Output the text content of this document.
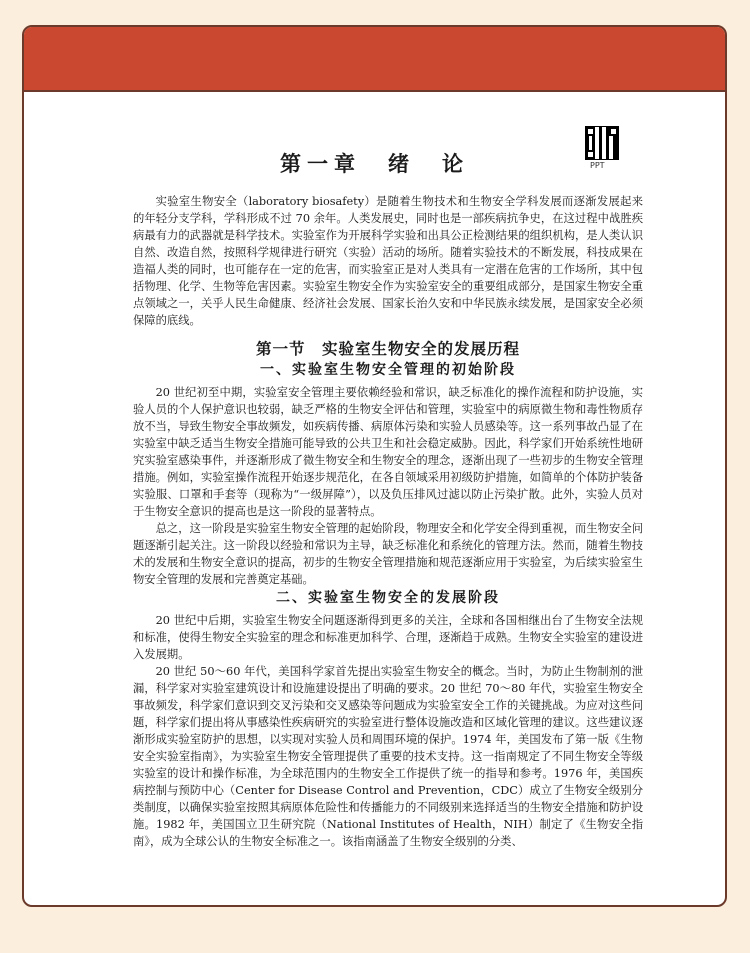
PPT
第一章　绪　论

实验室生物安全（laboratory biosafety）是随着生物技术和生物安全学科发展而逐渐发展起来的年轻分支学科，学科形成不过 70 余年。人类发展史，同时也是一部疾病抗争史，在这过程中战胜疾病最有力的武器就是科学技术。实验室作为开展科学实验和出具公正检测结果的组织机构，是人类认识自然、改造自然，按照科学规律进行研究（实验）活动的场所。随着实验技术的不断发展，科技成果在造福人类的同时，也可能存在一定的危害，而实验室正是对人类具有一定潜在危害的工作场所，其中包括物理、化学、生物等危害因素。实验室生物安全作为实验室安全的重要组成部分，是国家生物安全重点领域之一，关乎人民生命健康、经济社会发展、国家长治久安和中华民族永续发展，是国家安全必须保障的底线。

第一节　实验室生物安全的发展历程
一、实验室生物安全管理的初始阶段

20 世纪初至中期，实验室安全管理主要依赖经验和常识，缺乏标准化的操作流程和防护设施，实验人员的个人保护意识也较弱，缺乏严格的生物安全评估和管理，实验室中的病原微生物和毒性物质存放不当，导致生物安全事故频发，如疾病传播、病原体污染和实验人员感染等。这一系列事故凸显了在实验室中缺乏适当生物安全措施可能导致的公共卫生和社会稳定威胁。因此，科学家们开始系统性地研究实验室感染事件，并逐渐形成了微生物安全和生物安全的理念，逐渐出现了一些初步的生物安全管理措施。例如，实验室操作流程开始逐步规范化，在各自领域采用初级防护措施，如简单的个体防护装备实验服、口罩和手套等（现称为“一级屏障”），以及负压排风过滤以防止污染扩散。此外，实验人员对于生物安全意识的提高也是这一阶段的显著特点。

总之，这一阶段是实验室生物安全管理的起始阶段，物理安全和化学安全得到重视，而生物安全问题逐渐引起关注。这一阶段以经验和常识为主导，缺乏标准化和系统化的管理方法。然而，随着生物技术的发展和生物安全意识的提高，初步的生物安全管理措施和规范逐渐应用于实验室，为后续实验室生物安全管理的发展和完善奠定基础。

二、实验室生物安全的发展阶段

20 世纪中后期，实验室生物安全问题逐渐得到更多的关注，全球和各国相继出台了生物安全法规和标准，使得生物安全实验室的理念和标准更加科学、合理，逐渐趋于成熟。生物安全实验室的建设进入发展期。

20 世纪 50～60 年代，美国科学家首先提出实验室生物安全的概念。当时，为防止生物制剂的泄漏，科学家对实验室建筑设计和设施建设提出了明确的要求。20 世纪 70～80 年代，实验室生物安全事故频发，科学家们意识到交叉污染和交叉感染等问题成为实验室安全工作的关键挑战。为应对这些问题，科学家们提出将从事感染性疾病研究的实验室进行整体设施改造和区域化管理的建议。这些建议逐渐形成实验室防护的思想，以实现对实验人员和周围环境的保护。1974 年，美国发布了第一版《生物安全实验室指南》，为实验室生物安全管理提供了重要的技术支持。这一指南规定了不同生物安全等级实验室的设计和操作标准，为全球范围内的生物安全工作提供了统一的指导和参考。1976 年，美国疾病控制与预防中心（Center for Disease Control and Prevention，CDC）成立了生物安全级别分类制度，以确保实验室按照其病原体危险性和传播能力的不同级别来选择适当的生物安全措施和防护设施。1982 年，美国国立卫生研究院（National Institutes of Health，NIH）制定了《生物安全指南》，成为全球公认的生物安全标准之一。该指南涵盖了生物安全级别的分类、
